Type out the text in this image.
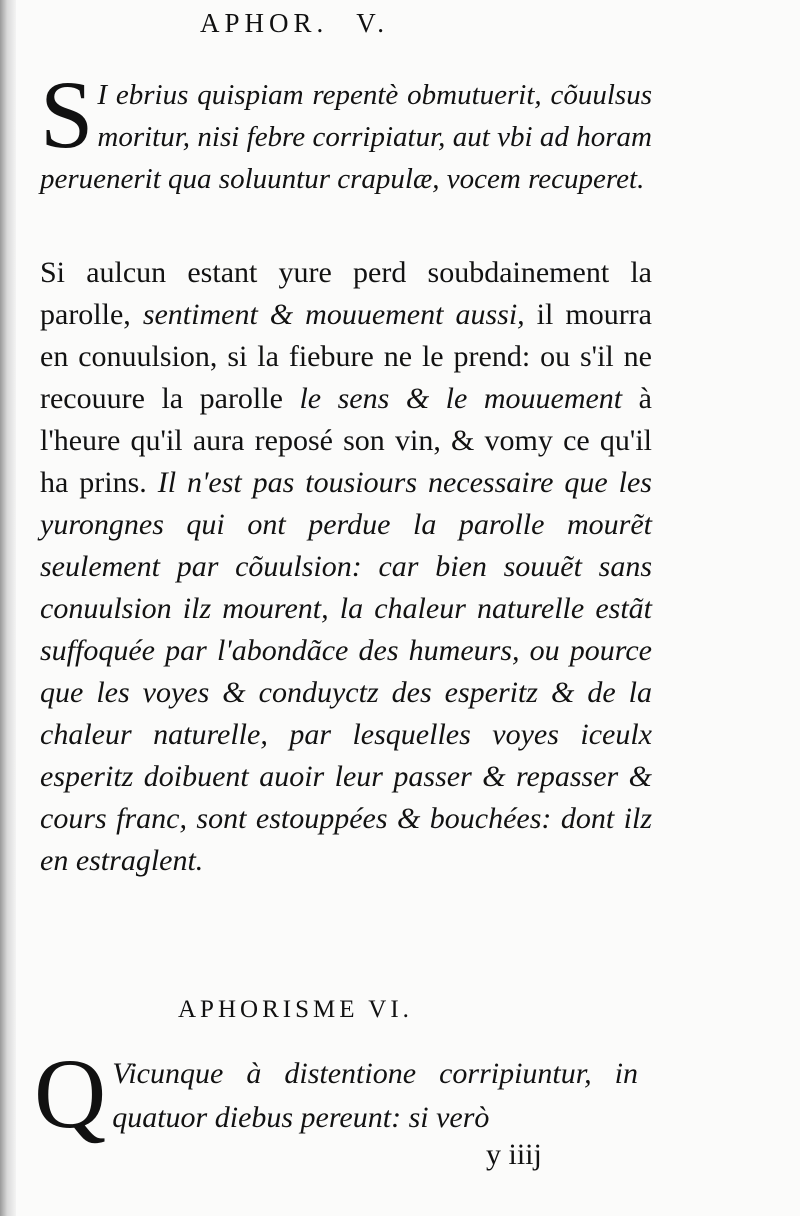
APHOR. V.
S I ebrius quispiam repentè obmutuerit, cõuulsus moritur, nisi febre corripiatur, aut vbi ad horam peruenerit qua soluuntur crapulæ, vocem recuperet.
Si aulcun estant yure perd soubdainement la parolle, sentiment & mouuement aussi, il mourra en conuulsion, si la fiebure ne le prend: ou s'il ne recouure la parolle le sens & le mouuement à l'heure qu'il aura reposé son vin, & vomy ce qu'il ha prins. Il n'est pas tousiours necessaire que les yurongnes qui ont perdue la parolle mourẽt seulement par cõuulsion: car bien souuẽt sans conuulsion ilz mourent, la chaleur naturelle estãt suffoquée par l'abondãce des humeurs, ou pource que les voyes & conduyctz des esperitz & de la chaleur naturelle, par lesquelles voyes iceulx esperitz doibuent auoir leur passer & repasser & cours franc, sont estouppées & bouchées: dont ilz en estraglent.
APHORISME VI.
Q Vicunque à distentione corripiuntur, in quatuor diebus pereunt: si verò
y iiij
